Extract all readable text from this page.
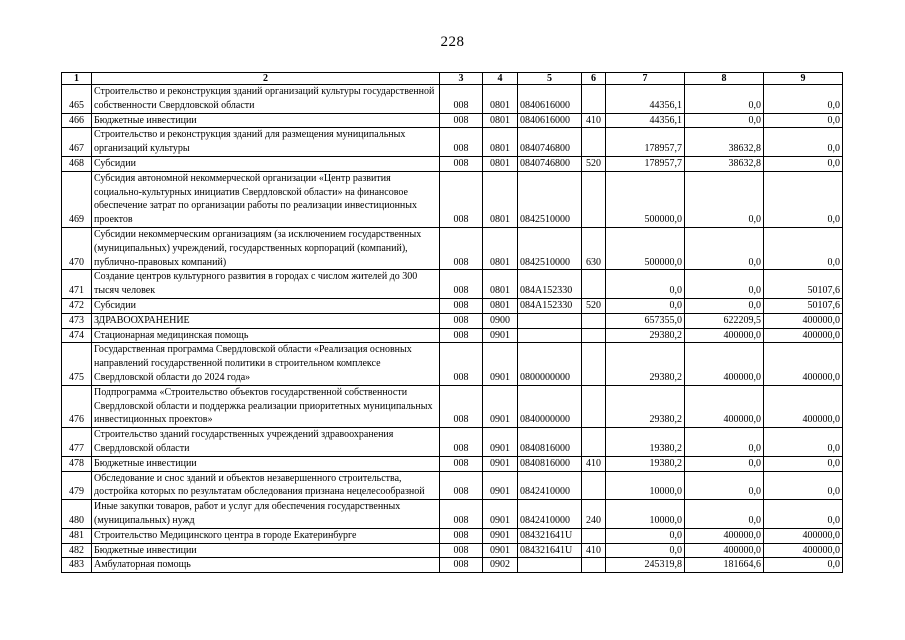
228
1	2	3	4	5	6	7	8	9
465	Строительство и реконструкция зданий организаций культуры государственной собственности Свердловской области	008	0801	0840616000		44356,1	0,0	0,0
466	Бюджетные инвестиции	008	0801	0840616000	410	44356,1	0,0	0,0
467	Строительство и реконструкция зданий для размещения муниципальных организаций культуры	008	0801	0840746800		178957,7	38632,8	0,0
468	Субсидии	008	0801	0840746800	520	178957,7	38632,8	0,0
469	Субсидия автономной некоммерческой организации «Центр развития социально-культурных инициатив Свердловской области» на финансовое обеспечение затрат по организации работы по реализации инвестиционных проектов	008	0801	0842510000		500000,0	0,0	0,0
470	Субсидии некоммерческим организациям (за исключением государственных (муниципальных) учреждений, государственных корпораций (компаний), публично-правовых компаний)	008	0801	0842510000	630	500000,0	0,0	0,0
471	Создание центров культурного развития в городах с числом жителей до 300 тысяч человек	008	0801	084A152330		0,0	0,0	50107,6
472	Субсидии	008	0801	084A152330	520	0,0	0,0	50107,6
473	ЗДРАВООХРАНЕНИЕ	008	0900			657355,0	622209,5	400000,0
474	Стационарная медицинская помощь	008	0901			29380,2	400000,0	400000,0
475	Государственная программа Свердловской области «Реализация основных направлений государственной политики в строительном комплексе Свердловской области до 2024 года»	008	0901	0800000000		29380,2	400000,0	400000,0
476	Подпрограмма «Строительство объектов государственной собственности Свердловской области и поддержка реализации приоритетных муниципальных инвестиционных проектов»	008	0901	0840000000		29380,2	400000,0	400000,0
477	Строительство зданий государственных учреждений здравоохранения Свердловской области	008	0901	0840816000		19380,2	0,0	0,0
478	Бюджетные инвестиции	008	0901	0840816000	410	19380,2	0,0	0,0
479	Обследование и снос зданий и объектов незавершенного строительства, достройка которых по результатам обследования признана нецелесообразной	008	0901	0842410000		10000,0	0,0	0,0
480	Иные закупки товаров, работ и услуг для обеспечения государственных (муниципальных) нужд	008	0901	0842410000	240	10000,0	0,0	0,0
481	Строительство Медицинского центра в городе Екатеринбурге	008	0901	084321641U		0,0	400000,0	400000,0
482	Бюджетные инвестиции	008	0901	084321641U	410	0,0	400000,0	400000,0
483	Амбулаторная помощь	008	0902			245319,8	181664,6	0,0
